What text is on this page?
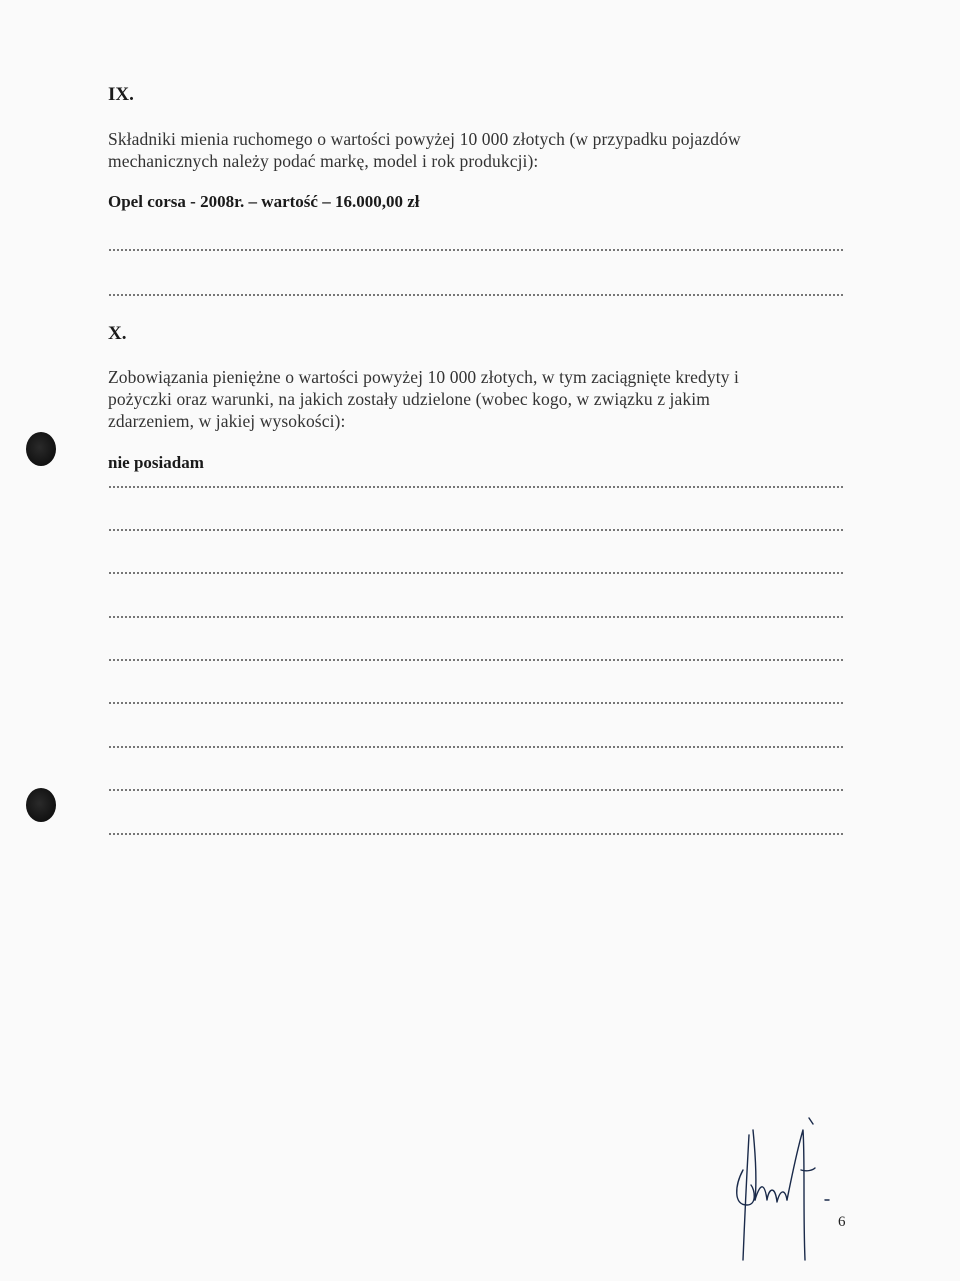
IX.
Składniki mienia ruchomego o wartości powyżej 10 000 złotych (w przypadku pojazdów
mechanicznych należy podać markę, model i rok produkcji):
Opel corsa - 2008r. – wartość – 16.000,00 zł
X.
Zobowiązania pieniężne o wartości powyżej 10 000 złotych, w tym zaciągnięte kredyty i
pożyczki oraz warunki, na jakich zostały udzielone (wobec kogo, w związku z jakim
zdarzeniem, w jakiej wysokości):
nie posiadam
6
